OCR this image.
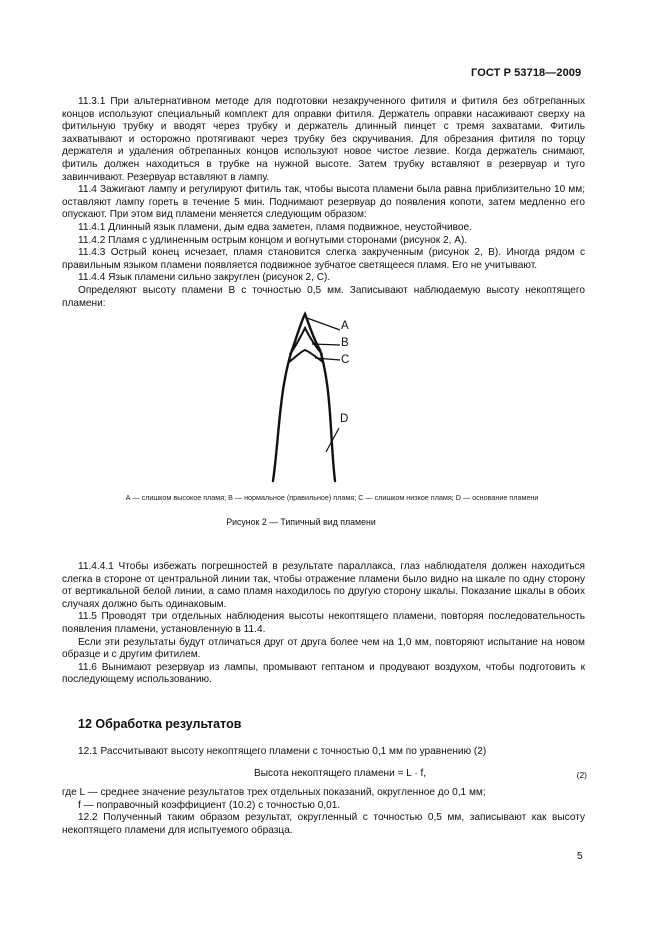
ГОСТ Р 53718—2009

11.3.1 При альтернативном методе для подготовки незакрученного фитиля и фитиля без обтрепанных концов используют специальный комплект для оправки фитиля. Держатель оправки насаживают сверху на фитильную трубку и вводят через трубку и держатель длинный пинцет с тремя захватами. Фитиль захватывают и осторожно протягивают через трубку без скручивания. Для обрезания фитиля по торцу держателя и удаления обтрепанных концов используют новое чистое лезвие. Когда держатель снимают, фитиль должен находиться в трубке на нужной высоте. Затем трубку вставляют в резервуар и туго завинчивают. Резервуар вставляют в лампу.

11.4 Зажигают лампу и регулируют фитиль так, чтобы высота пламени была равна приблизительно 10 мм; оставляют лампу гореть в течение 5 мин. Поднимают резервуар до появления копоти, затем медленно его опускают. При этом вид пламени меняется следующим образом:

11.4.1 Длинный язык пламени, дым едва заметен, пламя подвижное, неустойчивое.

11.4.2 Пламя с удлиненным острым концом и вогнутыми сторонами (рисунок 2, А).

11.4.3 Острый конец исчезает, пламя становится слегка закрученным (рисунок 2, В). Иногда рядом с правильным языком пламени появляется подвижное зубчатое светящееся пламя. Его не учитывают.

11.4.4 Язык пламени сильно закруглен (рисунок 2, С).

Определяют высоту пламени В с точностью 0,5 мм. Записывают наблюдаемую высоту некоптящего пламени:

А
В
С
D
А — слишком высокое пламя; В — нормальное (правильное) пламя; С — слишком низкое пламя; D — основание пламени
Рисунок 2 — Типичный вид пламени

11.4.4.1 Чтобы избежать погрешностей в результате параллакса, глаз наблюдателя должен находиться слегка в стороне от центральной линии так, чтобы отражение пламени было видно на шкале по одну сторону от вертикальной белой линии, а само пламя находилось по другую сторону шкалы. Показание шкалы в обоих случаях должно быть одинаковым.

11.5 Проводят три отдельных наблюдения высоты некоптящего пламени, повторяя последовательность появления пламени, установленную в 11.4.

Если эти результаты будут отличаться друг от друга более чем на 1,0 мм, повторяют испытание на новом образце и с другим фитилем.

11.6 Вынимают резервуар из лампы, промывают гептаном и продувают воздухом, чтобы подготовить к последующему использованию.

12 Обработка результатов

12.1 Рассчитывают высоту некоптящего пламени с точностью 0,1 мм по уравнению (2)

Высота некоптящего пламени = L · f,	(2)

где L — среднее значение результатов трех отдельных показаний, округленное до 0,1 мм;

f — поправочный коэффициент (10.2) с точностью 0,01.

12.2 Полученный таким образом результат, округленный с точностью 0,5 мм, записывают как высоту некоптящего пламени для испытуемого образца.

5
